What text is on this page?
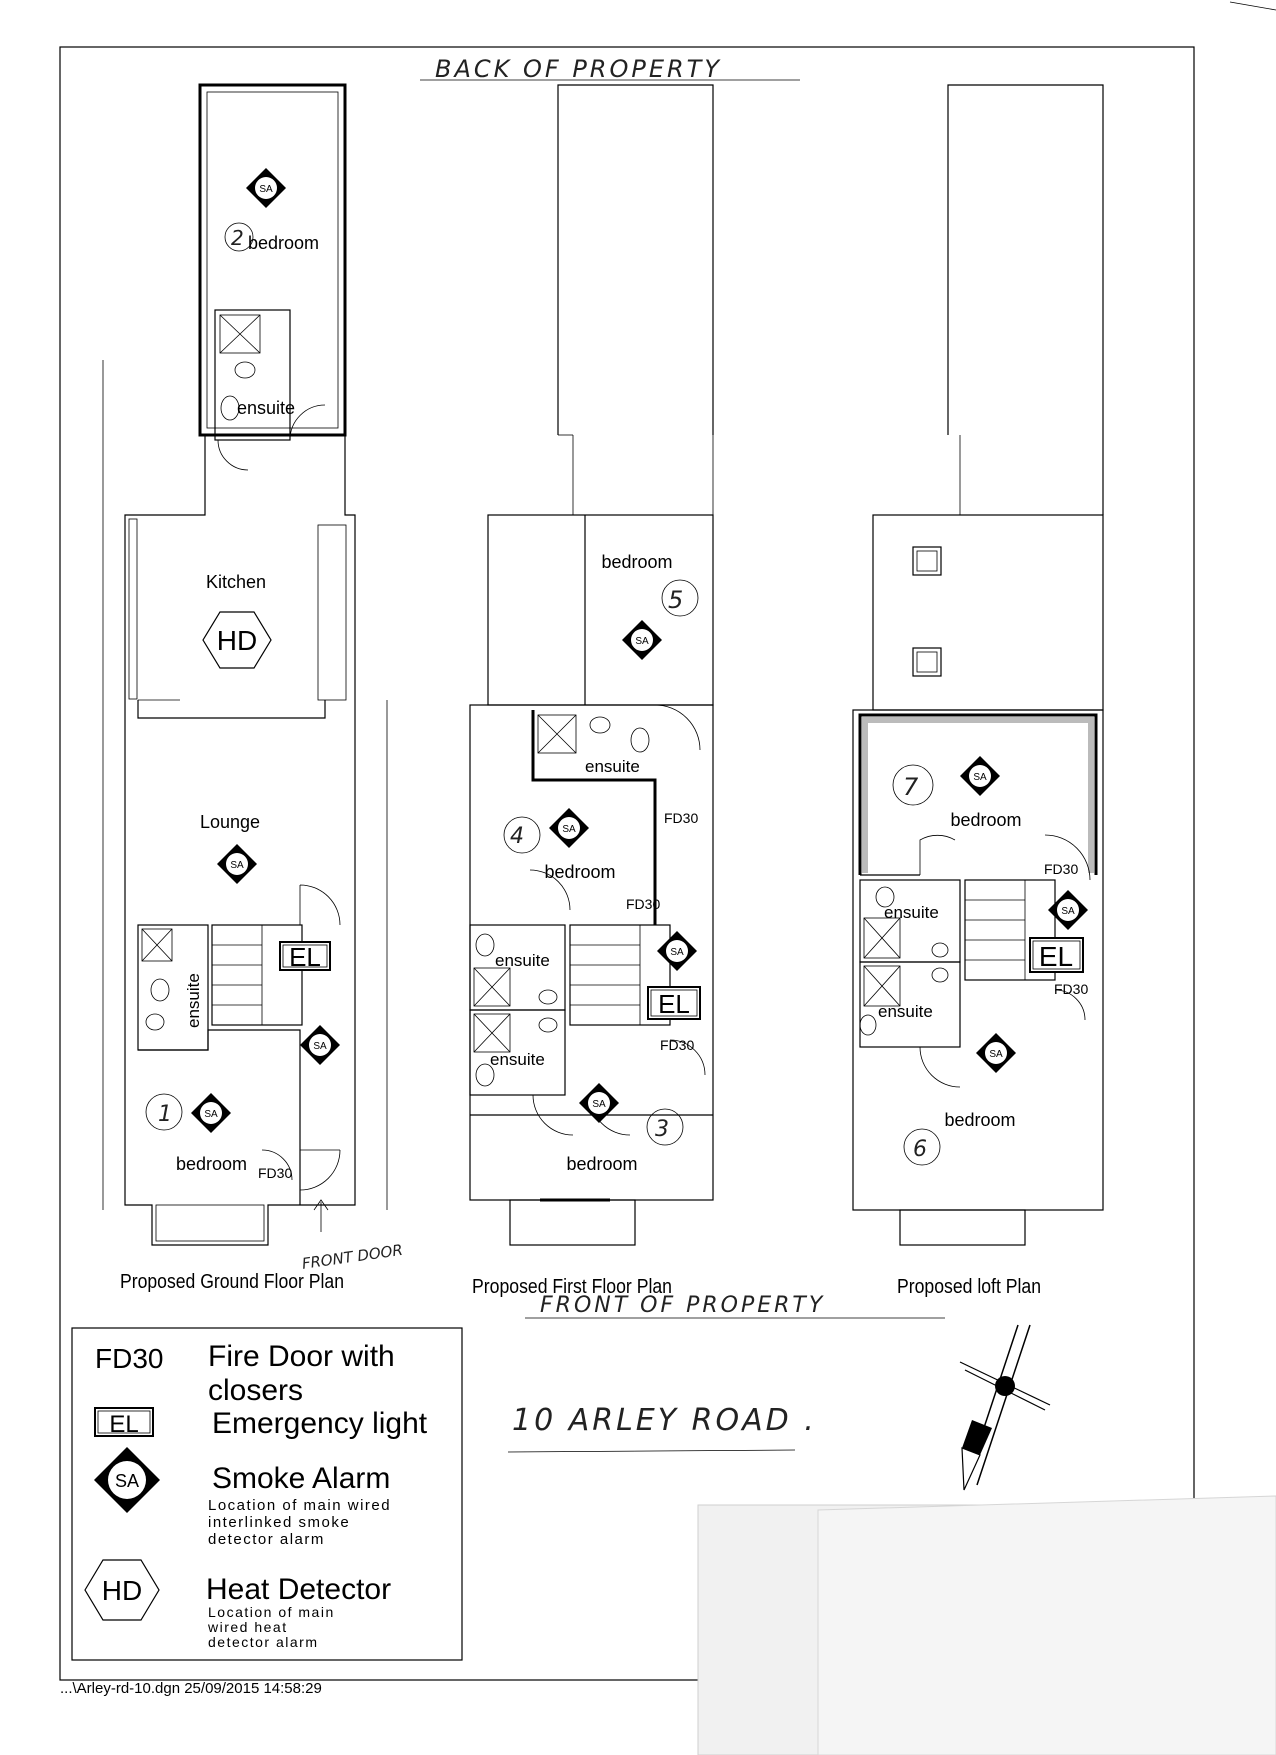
BACK OF PROPERTY
FRONT OF PROPERTY
bedroom
2
ensuite
Kitchen
Lounge
ensuite
bedroom
1
SA
HD
SA
EL
SA
SA
FD30
FRONT DOOR
Proposed Ground Floor Plan
bedroom
5
ensuite
bedroom
4
ensuite
ensuite
bedroom
3
SA
SA
SA
SA
EL
FD30
FD30
FD30
Proposed First Floor Plan
bedroom
7
ensuite
ensuite
bedroom
6
SA
SA
SA
EL
FD30
FD30
Proposed loft Plan
FD30 Fire Door with
closers
EL Emergency light
SA Smoke Alarm
Location of main wired
interlinked smoke
detector alarm
HD Heat Detector
Location of main
wired heat
detector alarm
10 ARLEY ROAD .
...\Arley-rd-10.dgn 25/09/2015 14:58:29
